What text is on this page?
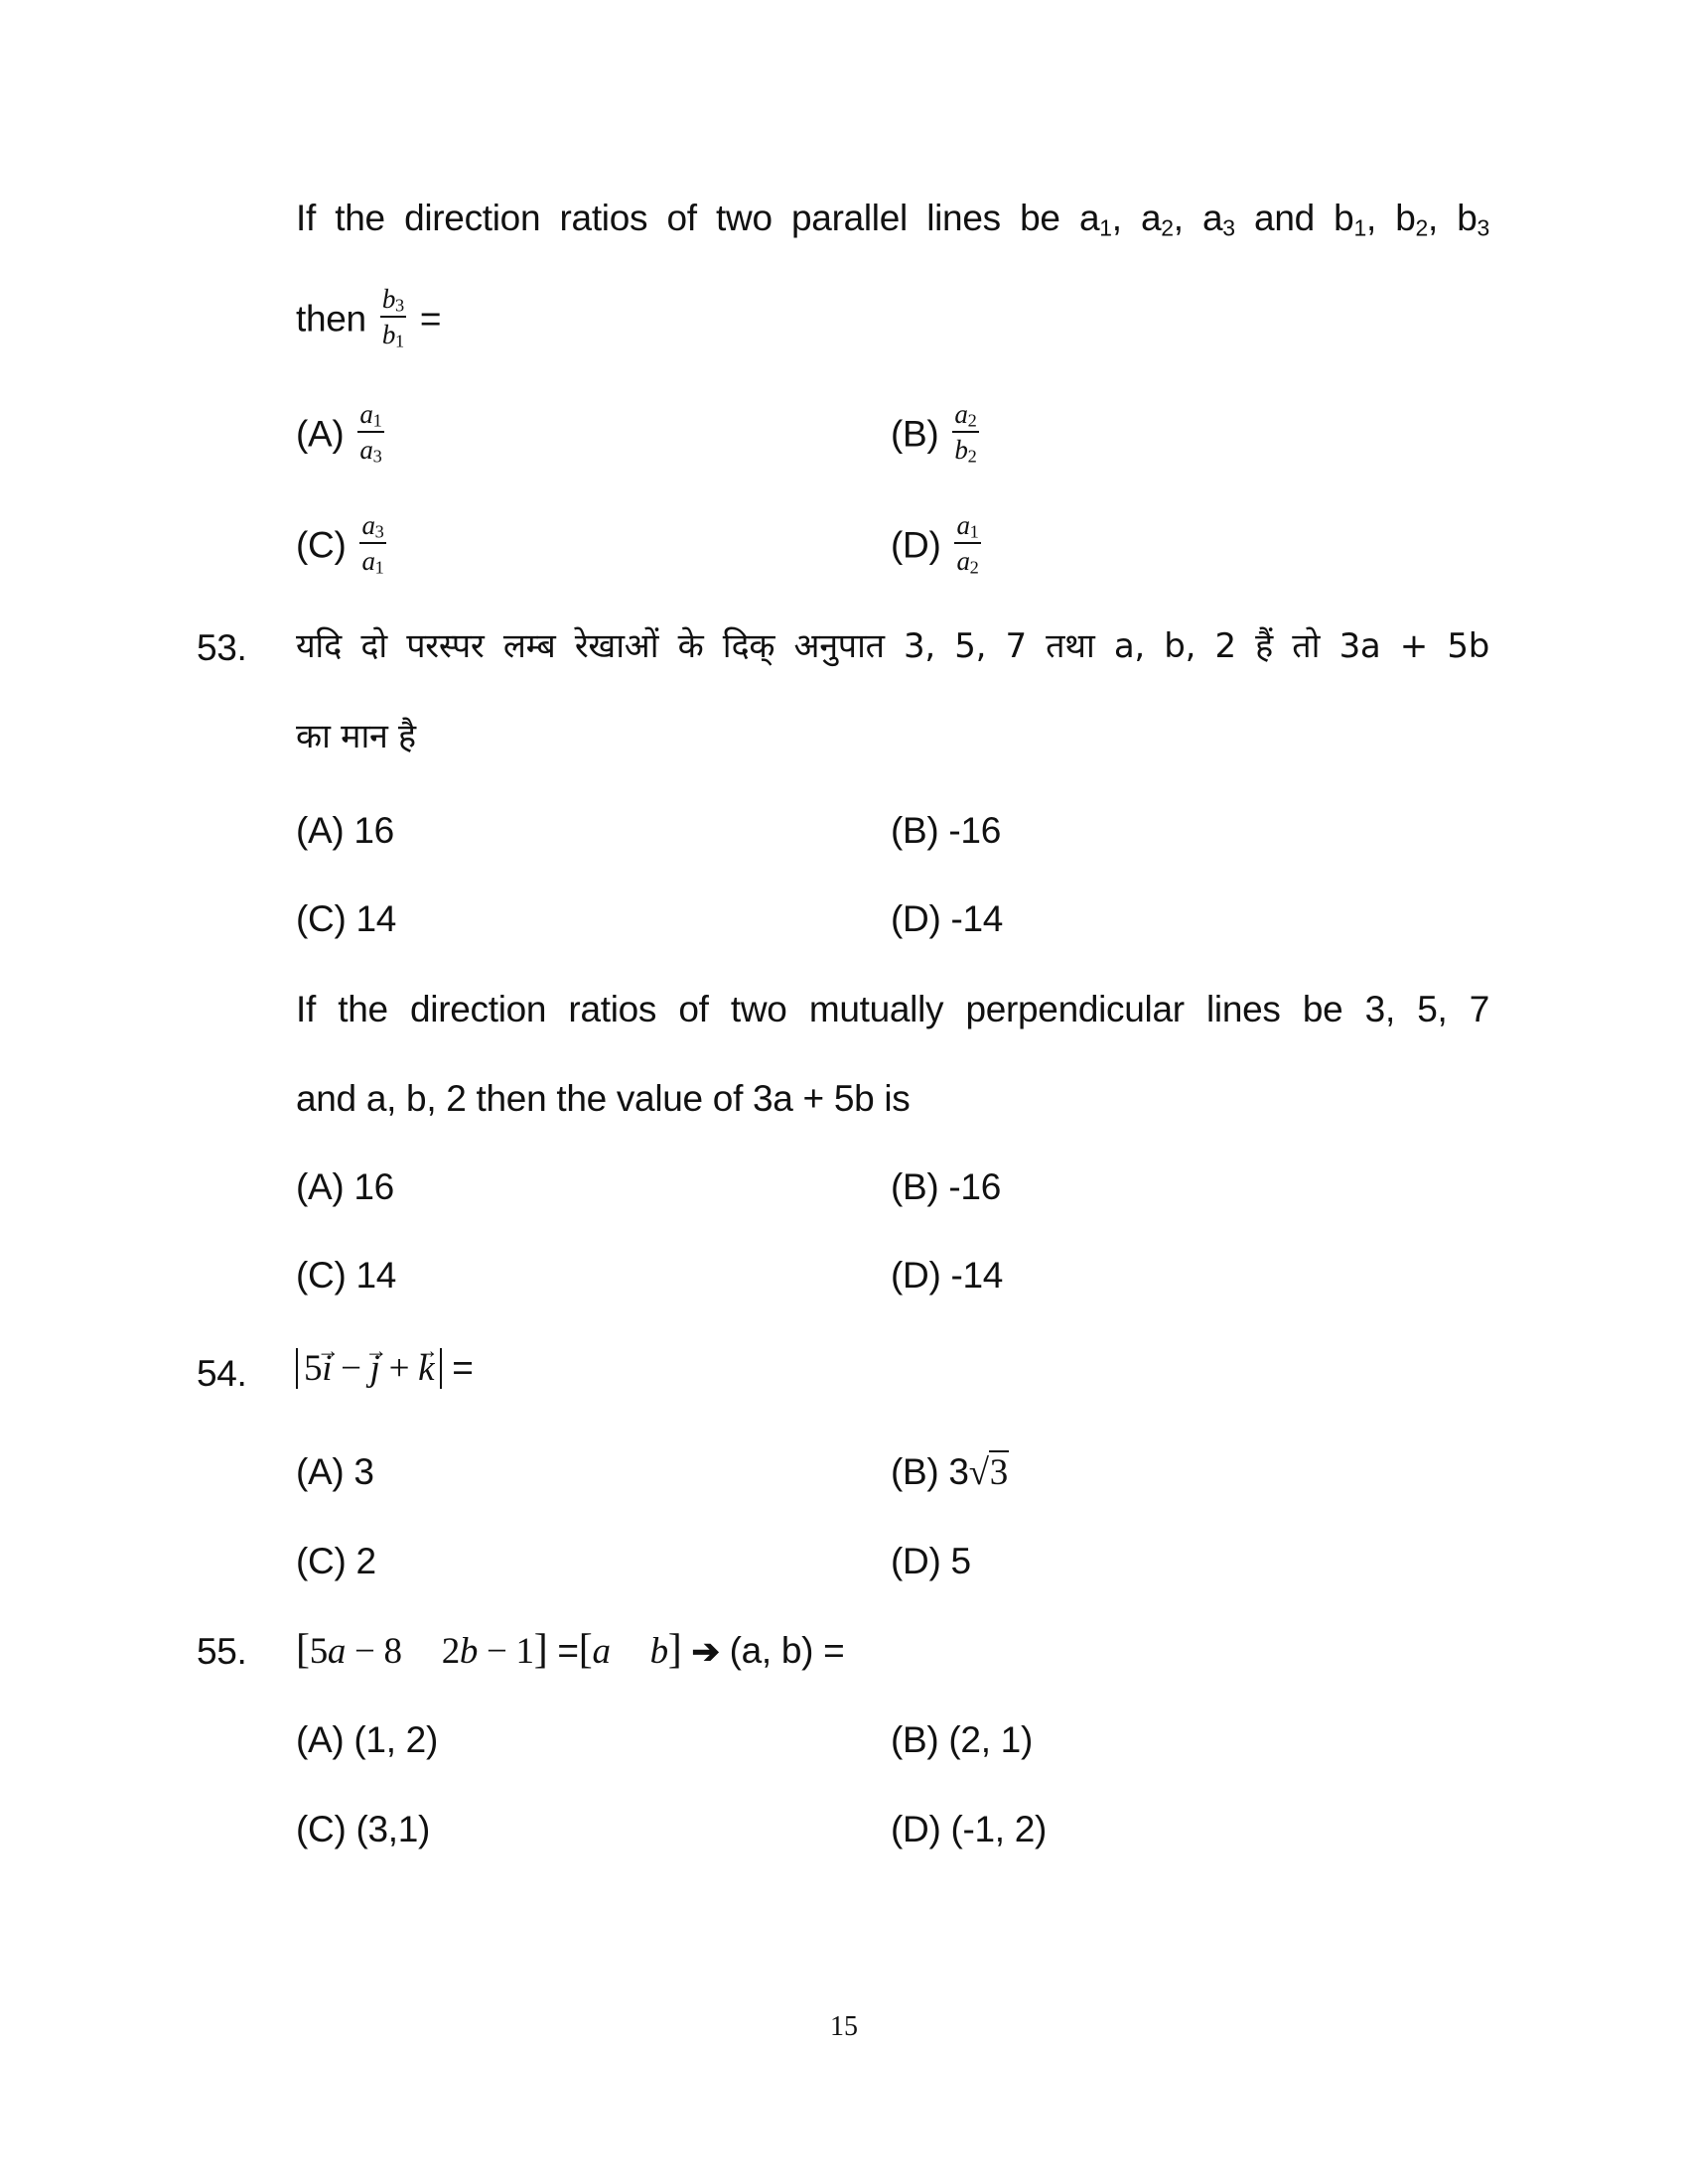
If the direction ratios of two parallel lines be $a_1$, $a_2$, $a_3$ and $b_1$, $b_2$, $b_3$
then $\frac{b_3}{b_1}$ =
$(A) \frac{a_1}{a_3}$	$(B) \frac{a_2}{b_2}$
$(C) \frac{a_3}{a_1}$	$(D) \frac{a_1}{a_2}$
53. यदि दो परस्पर लम्ब रेखाओं के दिक् अनुपात 3, 5, 7 तथा a, b, 2 हैं तो 3a + 5b
का मान है
(A) 16	(B) -16
(C) 14	(D) -14
If the direction ratios of two mutually perpendicular lines be 3, 5, 7
and a, b, 2 then the value of 3a + 5b is
(A) 16	(B) -16
(C) 14	(D) -14
54. 5→ i − → j + → k =
(A) 3	(B) 3√3
(C) 2	(D) 5
55. [5a − 8 2b − 1] =[a b] ➔ (a, b) =
(A) (1, 2)	(B) (2, 1)
(C) (3,1)	(D) (-1, 2)
15
